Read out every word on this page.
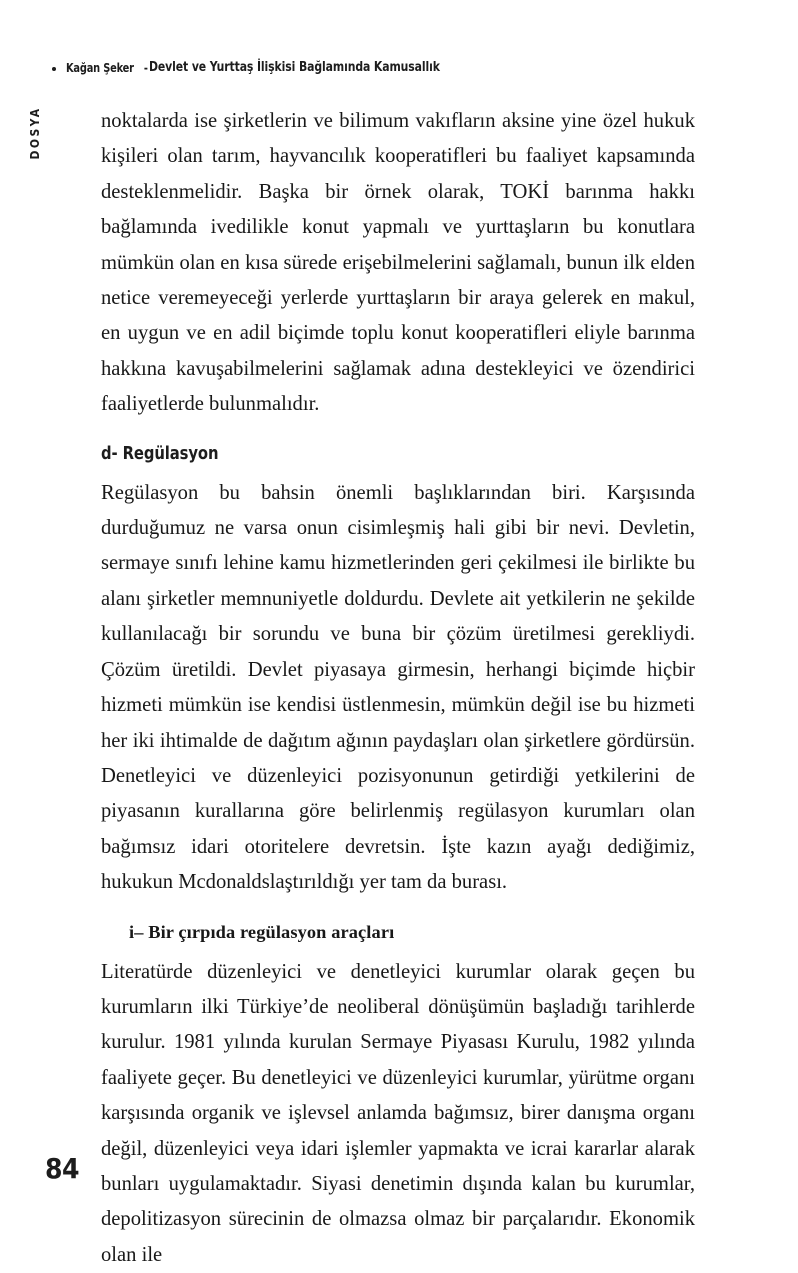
Kağan Şeker - Devlet ve Yurttaş İlişkisi Bağlamında Kamusallık
DOSYA	noktalarda ise şirketlerin ve bilimum vakıfların aksine yine özel hukuk kişileri olan tarım, hayvancılık kooperatifleri bu faaliyet kapsamında desteklenmelidir. Başka bir örnek olarak, TOKİ barınma hakkı bağlamında ivedilikle konut yapmalı ve yurttaşların bu konutlara mümkün olan en kısa sürede erişebilmelerini sağlamalı, bunun ilk elden netice veremeyeceği yerlerde yurttaşların bir araya gelerek en makul, en uygun ve en adil biçimde toplu konut kooperatifleri eliyle barınma hakkına kavuşabilmelerini sağlamak adına destekleyici ve özendirici faaliyetlerde bulunmalıdır.

d- Regülasyon

Regülasyon bu bahsin önemli başlıklarından biri. Karşısında durduğumuz ne varsa onun cisimleşmiş hali gibi bir nevi. Devletin, sermaye sınıfı lehine kamu hizmetlerinden geri çekilmesi ile birlikte bu alanı şirketler memnuniyetle doldurdu. Devlete ait yetkilerin ne şekilde kullanılacağı bir sorundu ve buna bir çözüm üretilmesi gerekliydi. Çözüm üretildi. Devlet piyasaya girmesin, herhangi biçimde hiçbir hizmeti mümkün ise kendisi üstlenmesin, mümkün değil ise bu hizmeti her iki ihtimalde de dağıtım ağının paydaşları olan şirketlere gördürsün. Denetleyici ve düzenleyici pozisyonunun getirdiği yetkilerini de piyasanın kurallarına göre belirlenmiş regülasyon kurumları olan bağımsız idari otoritelere devretsin. İşte kazın ayağı dediğimiz, hukukun Mcdonaldslaştırıldığı yer tam da burası.

i– Bir çırpıda regülasyon araçları

Literatürde düzenleyici ve denetleyici kurumlar olarak geçen bu kurumların ilki Türkiye’de neoliberal dönüşümün başladığı tarihlerde kurulur. 1981 yılında kurulan Sermaye Piyasası Kurulu, 1982 yılında faaliyete geçer. Bu denetleyici ve düzenleyici kurumlar, yürütme organı karşısında organik ve işlevsel anlamda bağımsız, birer danışma organı değil, düzenleyici veya idari işlemler yapmakta ve icrai kararlar alarak bunları uygulamaktadır. Siyasi denetimin dışında kalan bu kurumlar, depolitizasyon sürecinin de olmazsa olmaz bir parçalarıdır. Ekonomik olan ile

84
